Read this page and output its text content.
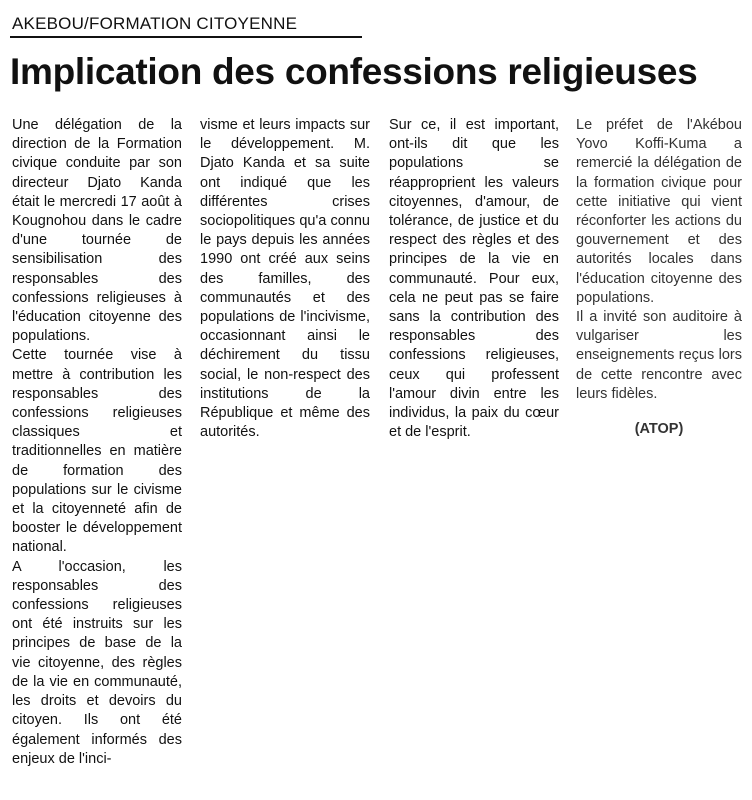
AKEBOU/FORMATION CITOYENNE
Implication des confessions religieuses

Une délégation de la direction de la Formation civique conduite par son directeur Djato Kanda était le mercredi 17 août à Kougnohou dans le cadre d'une tournée de sensibilisation des responsables des confessions religieuses à l'éducation citoyenne des populations.

Cette tournée vise à mettre à contribution les responsables des confessions religieuses classiques et traditionnelles en matière de formation des populations sur le civisme et la citoyenneté afin de booster le développement national.

A l'occasion, les responsables des confessions religieuses ont été instruits sur les principes de base de la vie citoyenne, des règles de la vie en communauté, les droits et devoirs du citoyen. Ils ont été également informés des enjeux de l'inci-

visme et leurs impacts sur le développement. M. Djato Kanda et sa suite ont indiqué que les différentes crises sociopolitiques qu'a connu le pays depuis les années 1990 ont créé aux seins des familles, des communautés et des populations de l'incivisme, occasionnant ainsi le déchirement du tissu social, le non-respect des institutions de la République et même des autorités.

Sur ce, il est important, ont-ils dit que les populations se réapproprient les valeurs citoyennes, d'amour, de tolérance, de justice et du respect des règles et des principes de la vie en communauté. Pour eux, cela ne peut pas se faire sans la contribution des responsables des confessions religieuses, ceux qui professent l'amour divin entre les individus, la paix du cœur et de l'esprit.

Le préfet de l'Akébou Yovo Koffi-Kuma a remercié la délégation de la formation civique pour cette initiative qui vient réconforter les actions du gouvernement et des autorités locales dans l'éducation citoyenne des populations.

Il a invité son auditoire à vulgariser les enseignements reçus lors de cette rencontre avec leurs fidèles.

(ATOP)
